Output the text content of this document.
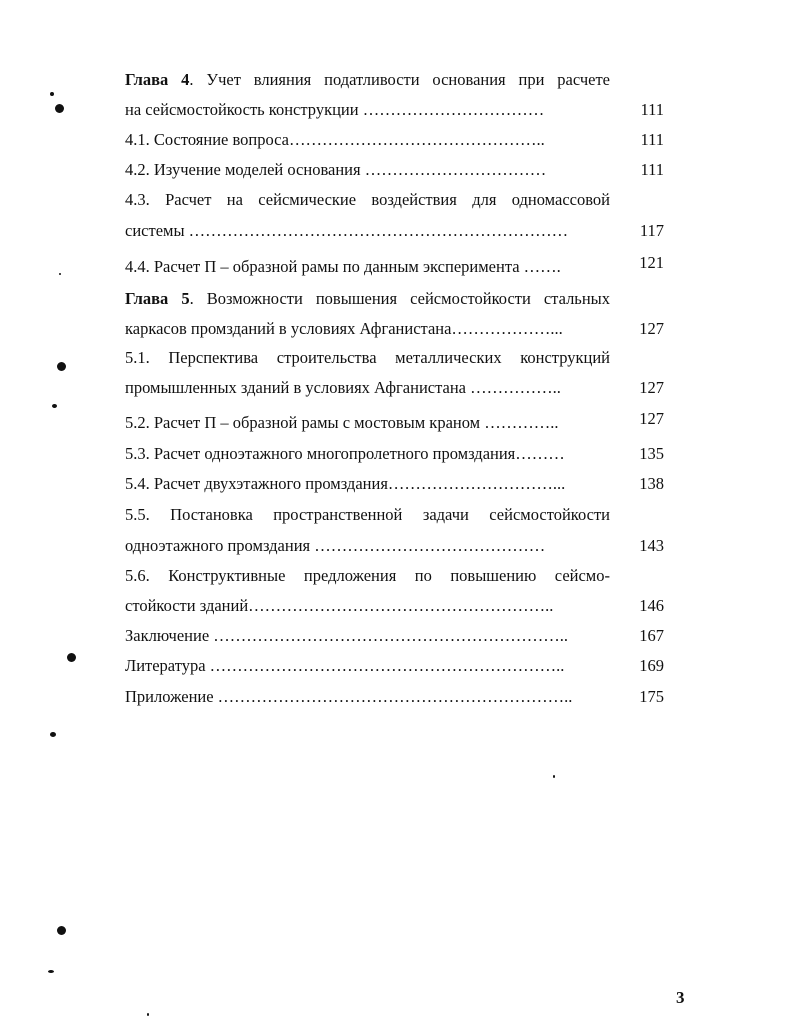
Глава 4. Учет влияния податливости основания при расчете
на сейсмостойкость конструкции ……………………………	111
4.1. Состояние вопроса………………………………………..	111
4.2. Изучение моделей основания ……………………………	111
4.3. Расчет на сейсмические воздействия для одномассовой
системы ……………………………………………………………	117
4.4. Расчет П – образной рамы по данным эксперимента …….	121
Глава 5. Возможности повышения сейсмостойкости стальных
каркасов промзданий в условиях Афганистана………………...	127
5.1. Перспектива строительства металлических конструкций
промышленных зданий в условиях Афганистана ……………..	127
5.2. Расчет П – образной рамы с мостовым краном …………..	127
5.3. Расчет одноэтажного многопролетного промздания………	135
5.4. Расчет двухэтажного промздания…………………………...	138
5.5. Постановка пространственной задачи сейсмостойкости
одноэтажного промздания ……………………………………	143
5.6. Конструктивные предложения по повышению сейсмо-
стойкости зданий………………………………………………..	146
Заключение ………………………………………………………..	167
Литература ………………………………………………………..	169
Приложение ………………………………………………………..	175
3
